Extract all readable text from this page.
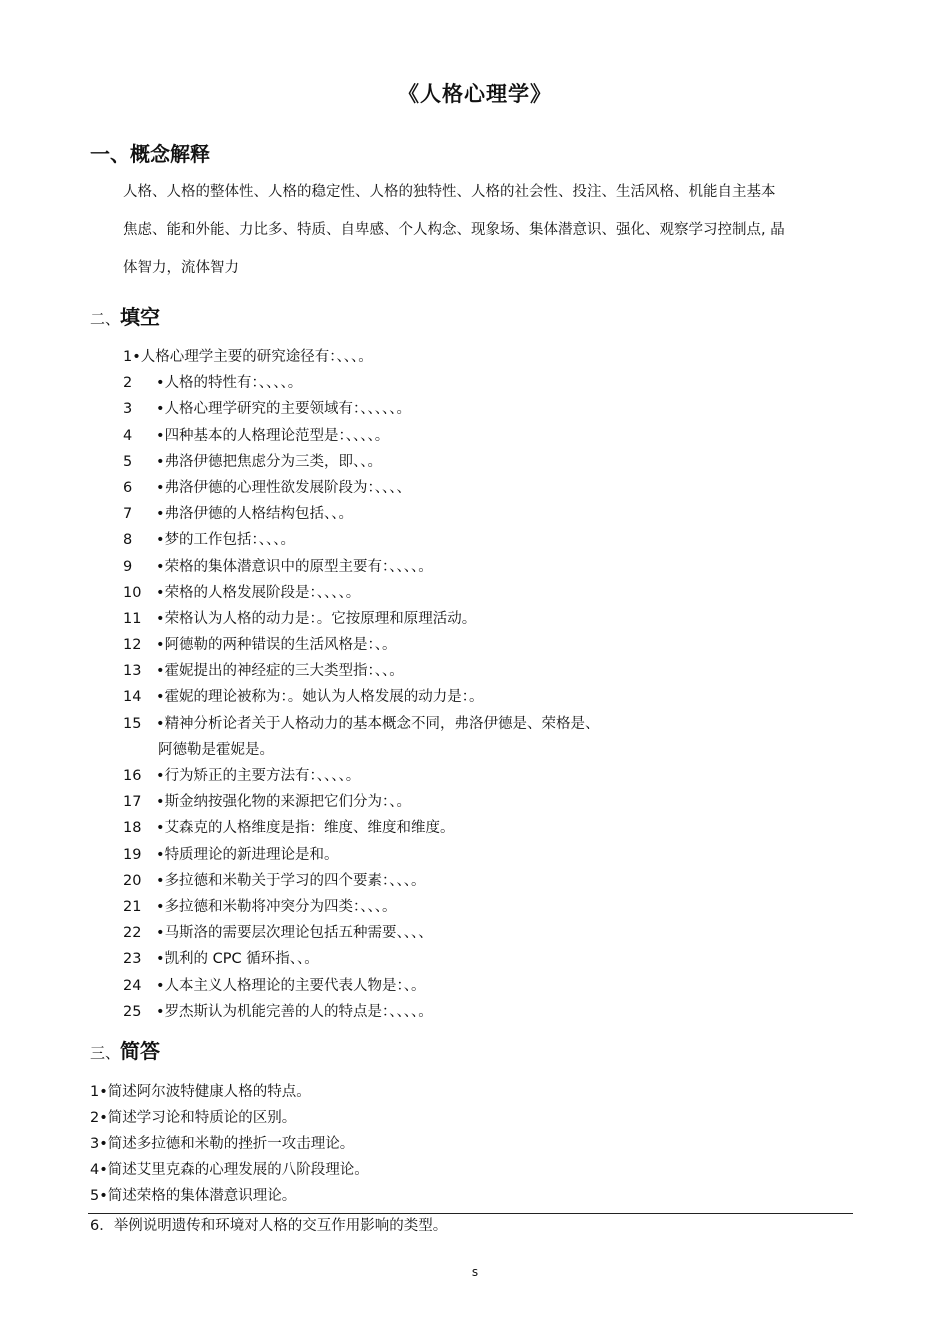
《人格心理学》
一、概念解释

人格、人格的整体性、人格的稳定性、人格的独特性、人格的社会性、投注、生活风格、机能自主基本

焦虑、能和外能、力比多、特质、自卑感、个人构念、现象场、集体潜意识、强化、观察学习控制点, 晶

体智力，流体智力

二、填空
1• 人格心理学主要的研究途径有：、、、。
2	•人格的特性有：、、、、。
3	•人格心理学研究的主要领域有：、、、、、。
4	•四种基本的人格理论范型是：、、、、。
5	•弗洛伊德把焦虑分为三类，即、、。
6	•弗洛伊德的心理性欲发展阶段为：、、、、
7	•弗洛伊德的人格结构包括、、。
8	•梦的工作包括：、、、。
9	•荣格的集体潜意识中的原型主要有：、、、、。
10	•荣格的人格发展阶段是：、、、、。
11	•荣格认为人格的动力是：。它按原理和原理活动。
12	•阿德勒的两种错误的生活风格是：、。
13	•霍妮提出的神经症的三大类型指：、、。
14	•霍妮的理论被称为：。她认为人格发展的动力是：。
15	•精神分析论者关于人格动力的基本概念不同，弗洛伊德是、荣格是、
阿德勒是霍妮是。
16	•行为矫正的主要方法有：、、、、。
17	•斯金纳按强化物的来源把它们分为：、。
18	•艾森克的人格维度是指：维度、维度和维度。
19	•特质理论的新进理论是和。
20	•多拉德和米勒关于学习的四个要素：、、、。
21	•多拉德和米勒将冲突分为四类：、、、。
22	•马斯洛的需要层次理论包括五种需要、、、、
23	•凯利的 CPC 循环指、、。
24	•人本主义人格理论的主要代表人物是：、。
25	•罗杰斯认为机能完善的人的特点是：、、、、。
三、简答
1•简述阿尔波特健康人格的特点。
2•简述学习论和特质论的区别。
3•简述多拉德和米勒的挫折一攻击理论。
4•简述艾里克森的心理发展的八阶段理论。
5•简述荣格的集体潜意识理论。
6．举例说明遗传和环境对人格的交互作用影响的类型。
s
